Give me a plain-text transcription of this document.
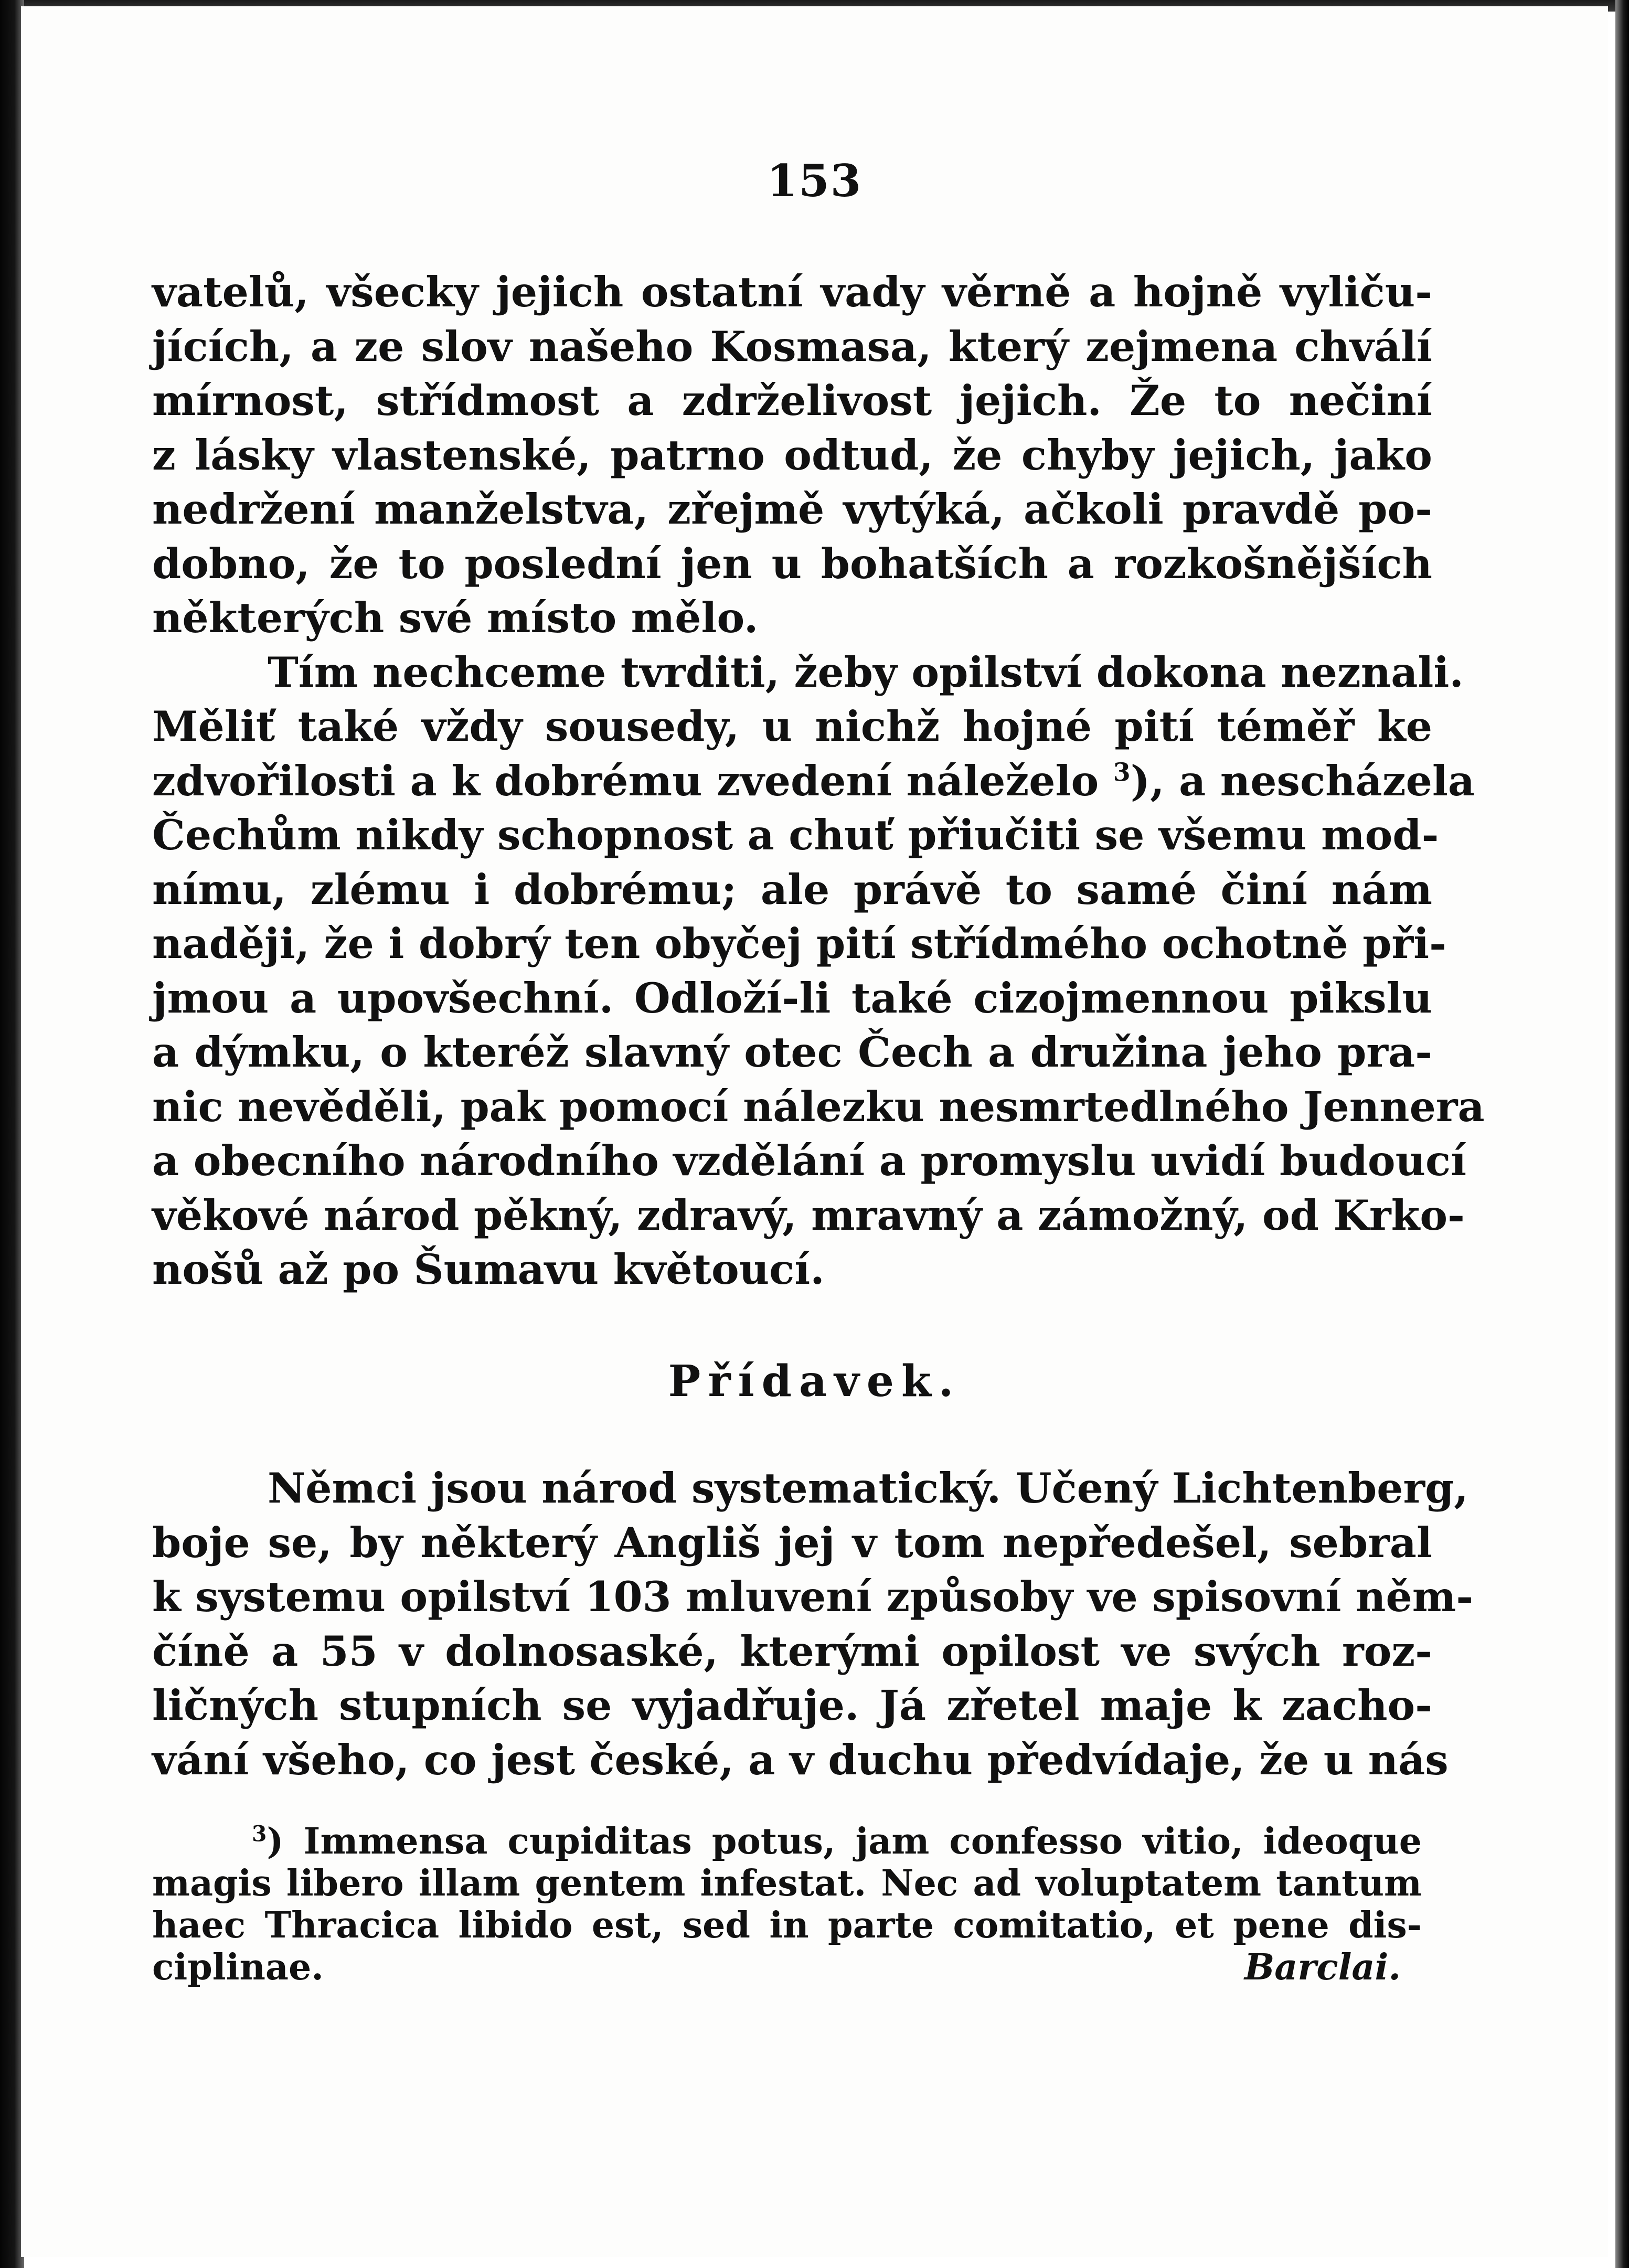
153
vatelů, všecky jejich ostatní vady věrně a hojně vyliču-
jících, a ze slov našeho Kosmasa, který zejmena chválí
mírnost, střídmost a zdrželivost jejich. Že to nečiní
z lásky vlastenské, patrno odtud, že chyby jejich, jako
nedržení manželstva, zřejmě vytýká, ačkoli pravdě po-
dobno, že to poslední jen u bohatších a rozkošnějších
některých své místo mělo.
Tím nechceme tvrditi, žeby opilství dokona neznali.
Měliť také vždy sousedy, u nichž hojné pití téměř ke
zdvořilosti a k dobrému zvedení náleželo $^3$), a nescházela
Čechům nikdy schopnost a chuť přiučiti se všemu mod-
nímu, zlému i dobrému; ale právě to samé činí nám
naději, že i dobrý ten obyčej pití střídmého ochotně při-
jmou a upovšechní. Odloží-li také cizojmennou pikslu
a dýmku, o kteréž slavný otec Čech a družina jeho pra-
nic nevěděli, pak pomocí nálezku nesmrtedlného Jennera
a obecního národního vzdělání a promyslu uvidí budoucí
věkové národ pěkný, zdravý, mravný a zámožný, od Krko-
nošů až po Šumavu květoucí.
Přídavek.
Němci jsou národ systematický. Učený Lichtenberg,
boje se, by některý Angliš jej v tom nepředešel, sebral
k systemu opilství 103 mluvení způsoby ve spisovní něm-
číně a 55 v dolnosaské, kterými opilost ve svých roz-
ličných stupních se vyjadřuje. Já zřetel maje k zacho-
vání všeho, co jest české, a v duchu předvídaje, že u nás
$^3$) Immensa cupiditas potus, jam confesso vitio, ideoque
magis libero illam gentem infestat. Nec ad voluptatem tantum
haec Thracica libido est, sed in parte comitatio, et pene dis-
ciplinae.	Barclai.
